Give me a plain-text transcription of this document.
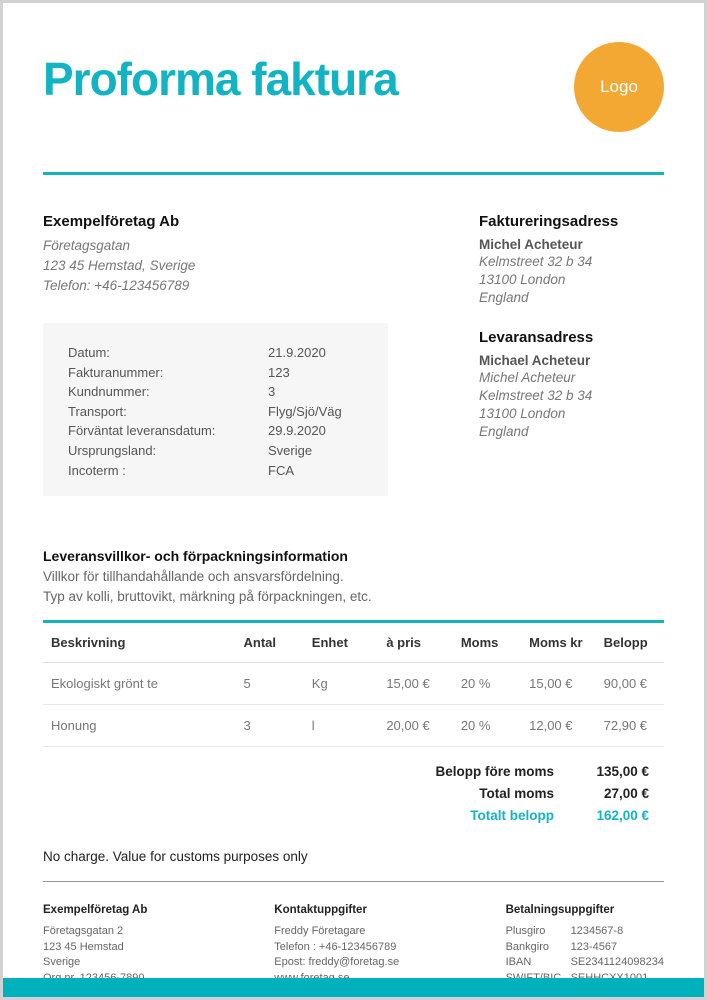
Proforma faktura	Logo
Exempelföretag Ab
Företagsgatan
123 45 Hemstad, Sverige
Telefon: +46-123456789
Datum:	21.9.2020
Fakturanummer:	123
Kundnummer:	3
Transport:	Flyg/Sjö/Väg
Förväntat leveransdatum:	29.9.2020
Ursprungsland:	Sverige
Incoterm :	FCA
Faktureringsadress
Michel Acheteur
Kelmstreet 32 b 34
13100 London
England
Levaransadress
Michael Acheteur
Michel Acheteur
Kelmstreet 32 b 34
13100 London
England
Leveransvillkor- och förpackningsinformation
Villkor för tillhandahållande och ansvarsfördelning.
Typ av kolli, bruttovikt, märkning på förpackningen, etc.
Beskrivning	Antal	Enhet	à pris	Moms	Moms kr	Belopp
Ekologiskt grönt te	5	Kg	15,00 €	20 %	15,00 €	90,00 €
Honung	3	l	20,00 €	20 %	12,00 €	72,90 €
Belopp före moms	135,00 €
Total moms	27,00 €
Totalt belopp	162,00 €
No charge. Value for customs purposes only
Exempelföretag Ab
Företagsgatan 2
123 45 Hemstad
Sverige
Kontaktuppgifter
Freddy Företagare
Telefon : +46-123456789
Epost: freddy@foretag.se
Betalningsuppgifter
Plusgiro	1234567-8
Bankgiro	123-4567
IBAN	SE2341124098234
